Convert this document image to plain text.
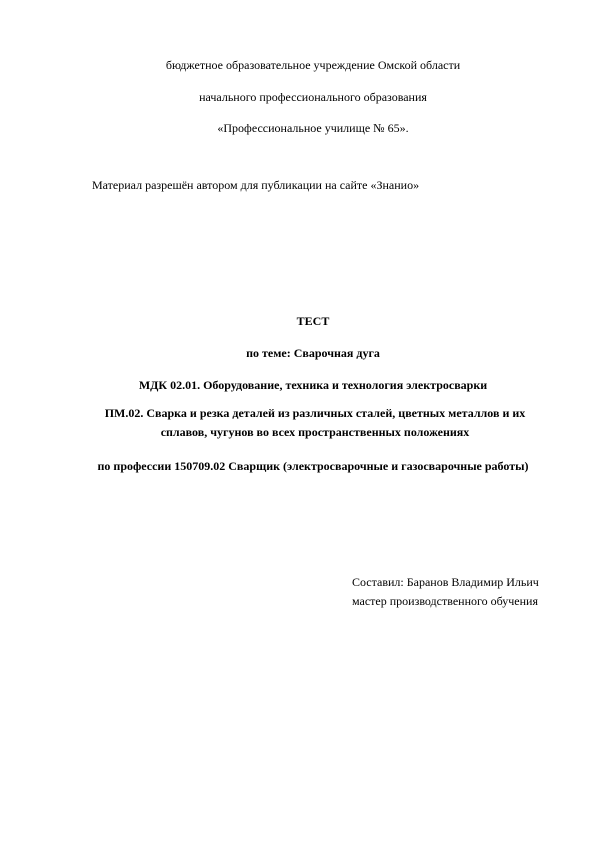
бюджетное образовательное учреждение Омской области
начального профессионального образования
«Профессиональное училище № 65».
Материал разрешён автором для публикации на сайте «Знанио»
ТЕСТ
по теме: Сварочная дуга
МДК 02.01. Оборудование, техника и технология электросварки
ПМ.02. Сварка и резка деталей из различных сталей, цветных металлов и их сплавов, чугунов во всех пространственных положениях
по профессии 150709.02 Сварщик (электросварочные и газосварочные работы)
Составил: Баранов Владимир Ильич
мастер производственного обучения
